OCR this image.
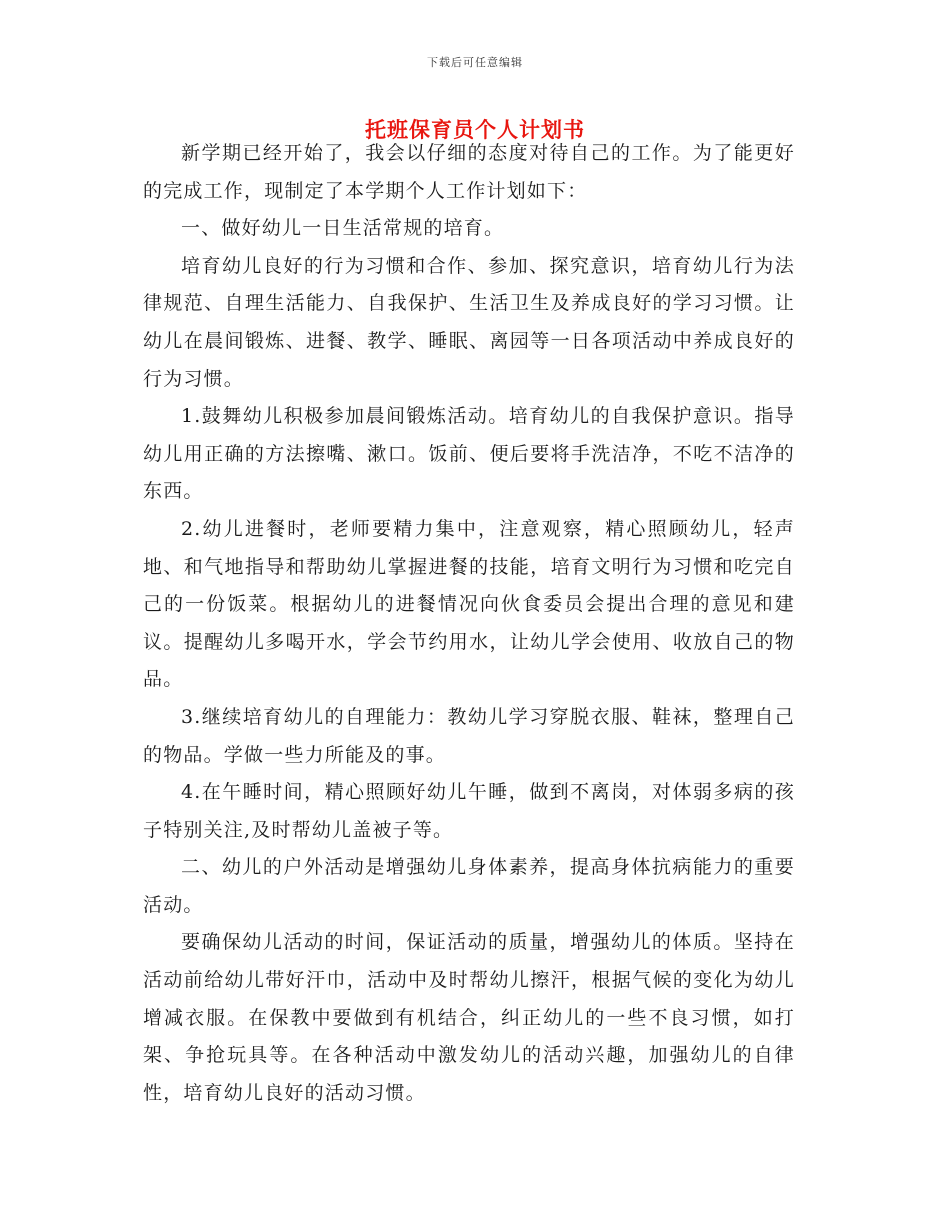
下载后可任意编辑
托班保育员个人计划书

新学期已经开始了，我会以仔细的态度对待自己的工作。为了能更好的完成工作，现制定了本学期个人工作计划如下：

一、做好幼儿一日生活常规的培育。

培育幼儿良好的行为习惯和合作、参加、探究意识，培育幼儿行为法律规范、自理生活能力、自我保护、生活卫生及养成良好的学习习惯。让幼儿在晨间锻炼、进餐、教学、睡眠、离园等一日各项活动中养成良好的行为习惯。

1.鼓舞幼儿积极参加晨间锻炼活动。培育幼儿的自我保护意识。指导幼儿用正确的方法擦嘴、漱口。饭前、便后要将手洗洁净，不吃不洁净的东西。

2.幼儿进餐时，老师要精力集中，注意观察，精心照顾幼儿，轻声地、和气地指导和帮助幼儿掌握进餐的技能，培育文明行为习惯和吃完自己的一份饭菜。根据幼儿的进餐情况向伙食委员会提出合理的意见和建议。提醒幼儿多喝开水，学会节约用水，让幼儿学会使用、收放自己的物品。

3.继续培育幼儿的自理能力：教幼儿学习穿脱衣服、鞋袜，整理自己的物品。学做一些力所能及的事。

4.在午睡时间，精心照顾好幼儿午睡，做到不离岗，对体弱多病的孩子特别关注,及时帮幼儿盖被子等。

二、幼儿的户外活动是增强幼儿身体素养，提高身体抗病能力的重要活动。

要确保幼儿活动的时间，保证活动的质量，增强幼儿的体质。坚持在活动前给幼儿带好汗巾，活动中及时帮幼儿擦汗，根据气候的变化为幼儿增减衣服。在保教中要做到有机结合，纠正幼儿的一些不良习惯，如打架、争抢玩具等。在各种活动中激发幼儿的活动兴趣，加强幼儿的自律性，培育幼儿良好的活动习惯。
